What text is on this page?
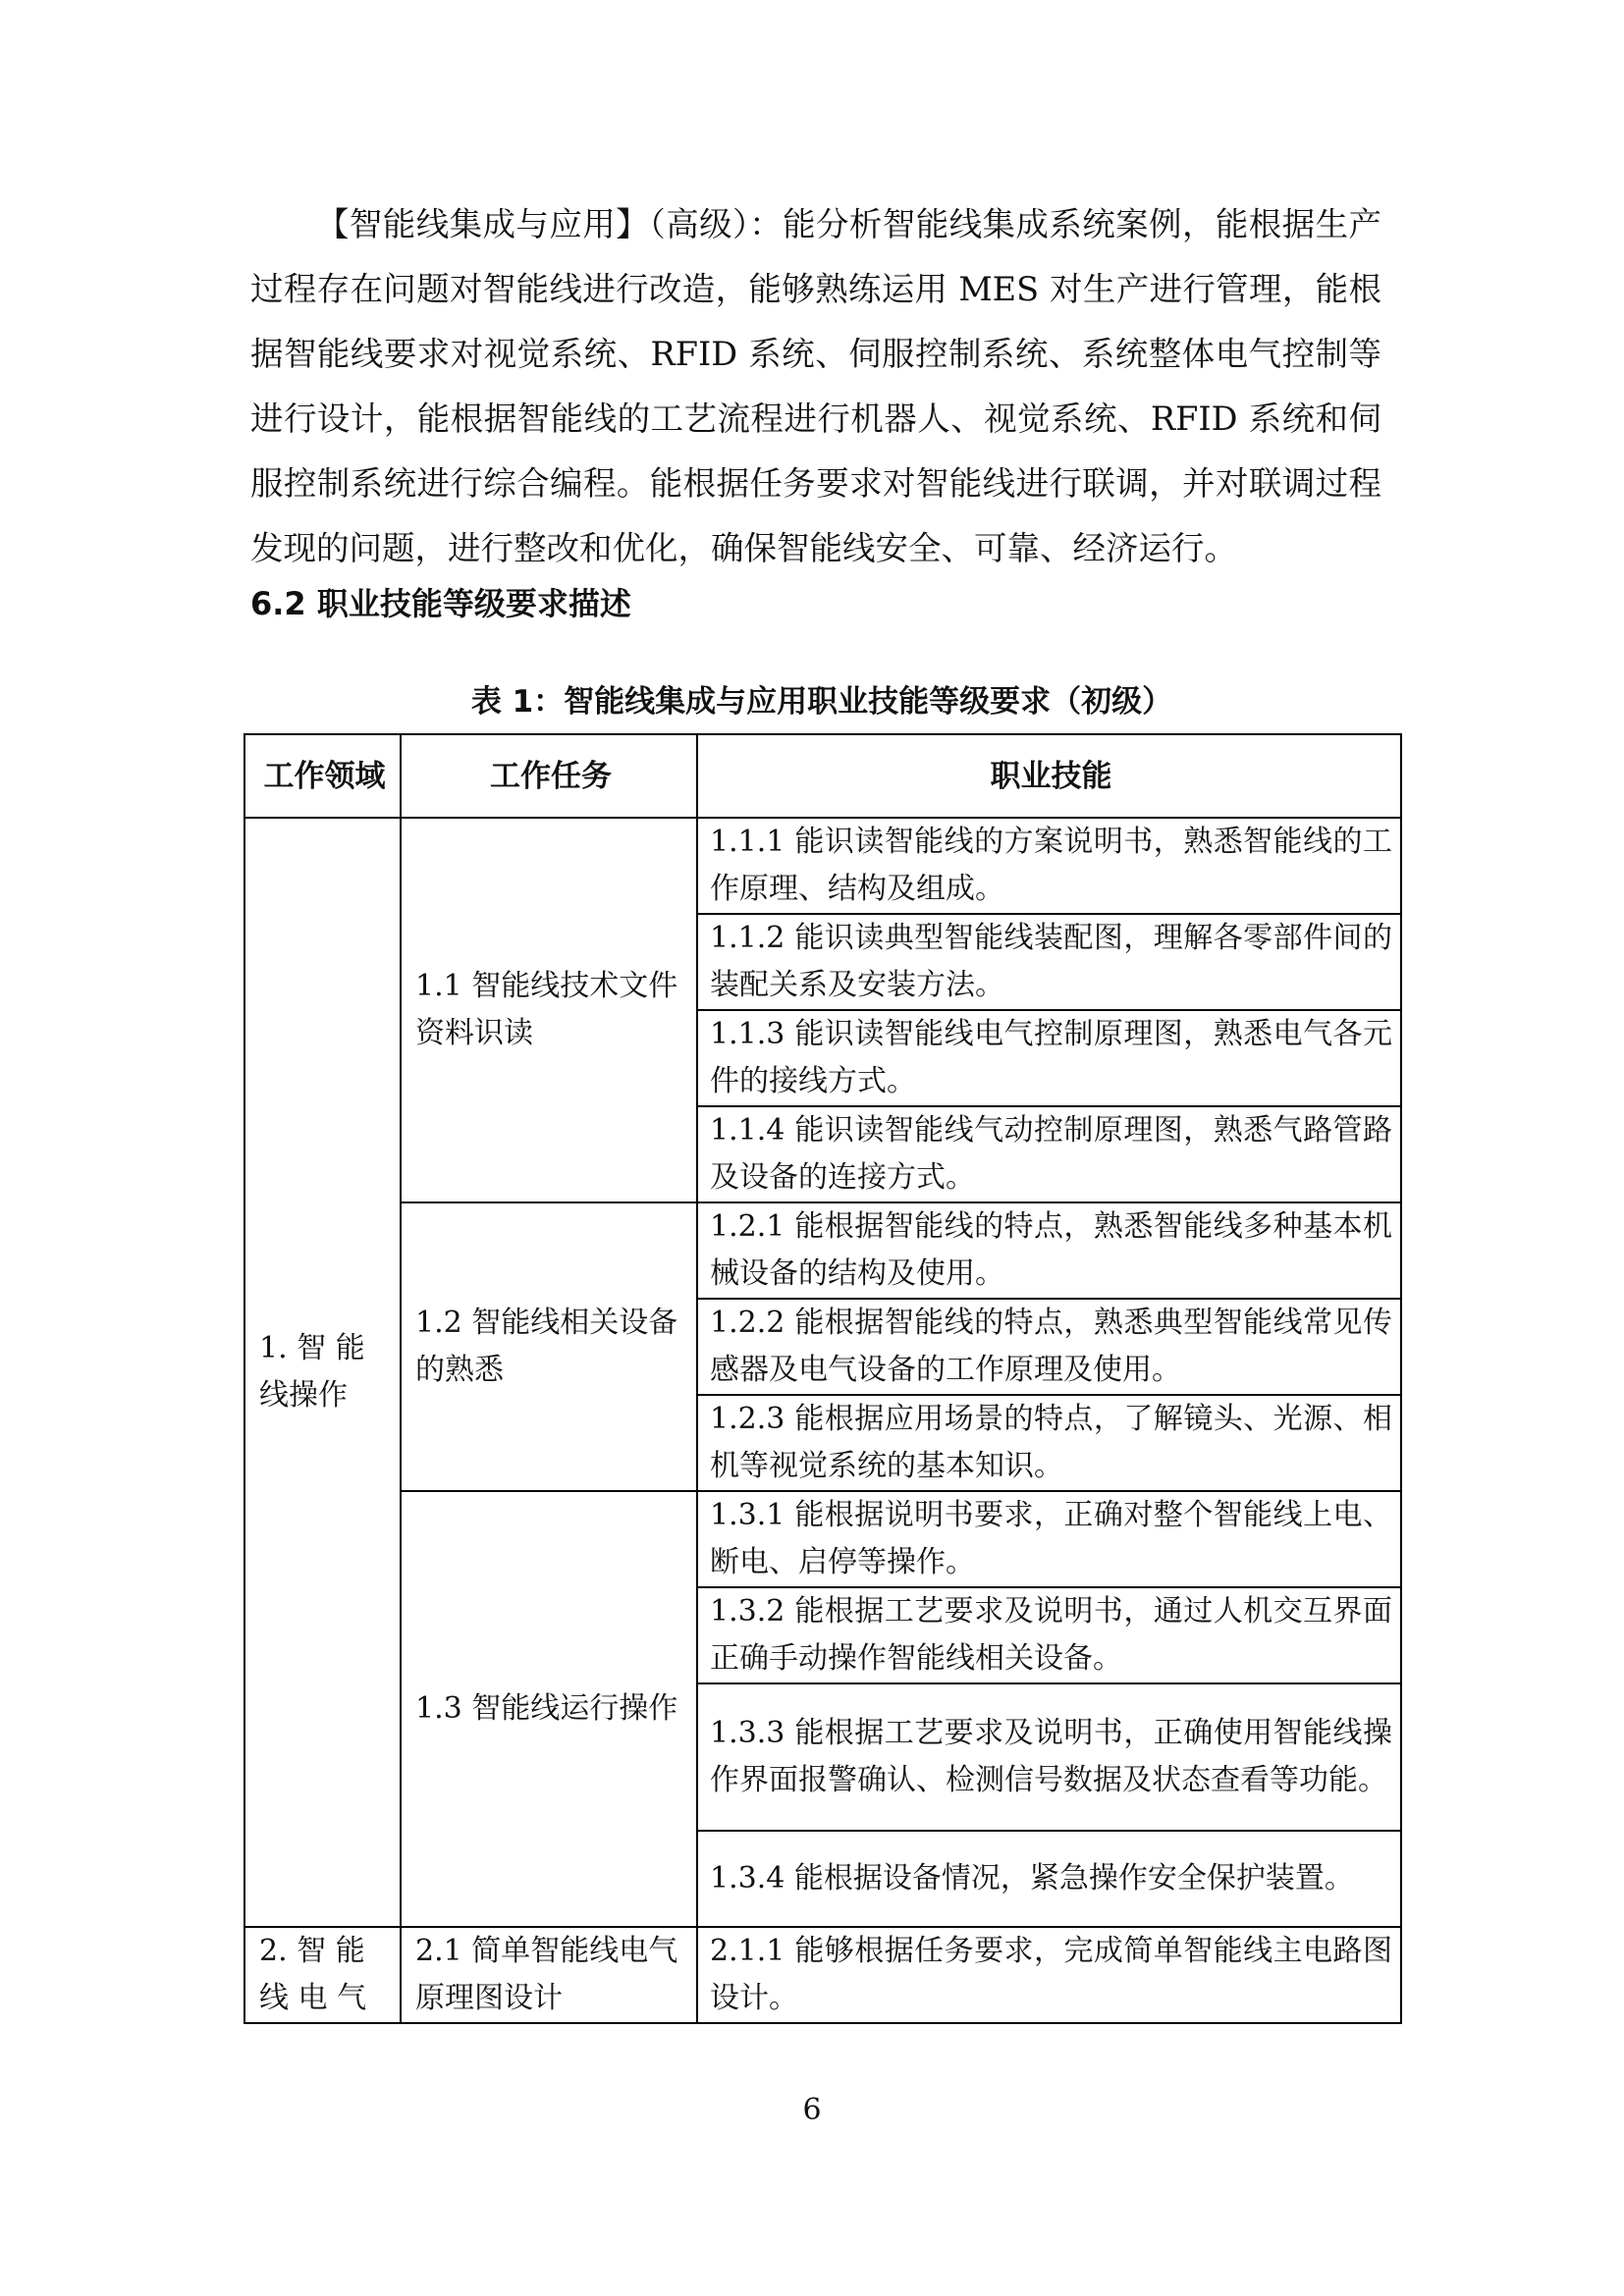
【智能线集成与应用】（高级）：能分析智能线集成系统案例，能根据生产过程存在问题对智能线进行改造，能够熟练运用 MES 对生产进行管理，能根据智能线要求对视觉系统、RFID 系统、伺服控制系统、系统整体电气控制等进行设计，能根据智能线的工艺流程进行机器人、视觉系统、RFID 系统和伺服控制系统进行综合编程。能根据任务要求对智能线进行联调，并对联调过程发现的问题，进行整改和优化，确保智能线安全、可靠、经济运行。

6.2 职业技能等级要求描述

表 1：智能线集成与应用职业技能等级要求（初级）

工作领域	工作任务	职业技能
1. 智 能 线操作	1.1 智能线技术文件资料识读	1.1.1 能识读智能线的方案说明书，熟悉智能线的工作原理、结构及组成。
		1.1.2 能识读典型智能线装配图，理解各零部件间的装配关系及安装方法。
		1.1.3 能识读智能线电气控制原理图，熟悉电气各元件的接线方式。
		1.1.4 能识读智能线气动控制原理图，熟悉气路管路及设备的连接方式。
	1.2 智能线相关设备的熟悉	1.2.1 能根据智能线的特点，熟悉智能线多种基本机械设备的结构及使用。
		1.2.2 能根据智能线的特点，熟悉典型智能线常见传感器及电气设备的工作原理及使用。
		1.2.3 能根据应用场景的特点，了解镜头、光源、相机等视觉系统的基本知识。
	1.3 智能线运行操作	1.3.1 能根据说明书要求，正确对整个智能线上电、断电、启停等操作。
		1.3.2 能根据工艺要求及说明书，通过人机交互界面正确手动操作智能线相关设备。
		1.3.3 能根据工艺要求及说明书，正确使用智能线操作界面报警确认、检测信号数据及状态查看等功能。
		1.3.4 能根据设备情况，紧急操作安全保护装置。
2. 智 能 线 电 气	2.1 简单智能线电气原理图设计	2.1.1 能够根据任务要求，完成简单智能线主电路图设计。

6
